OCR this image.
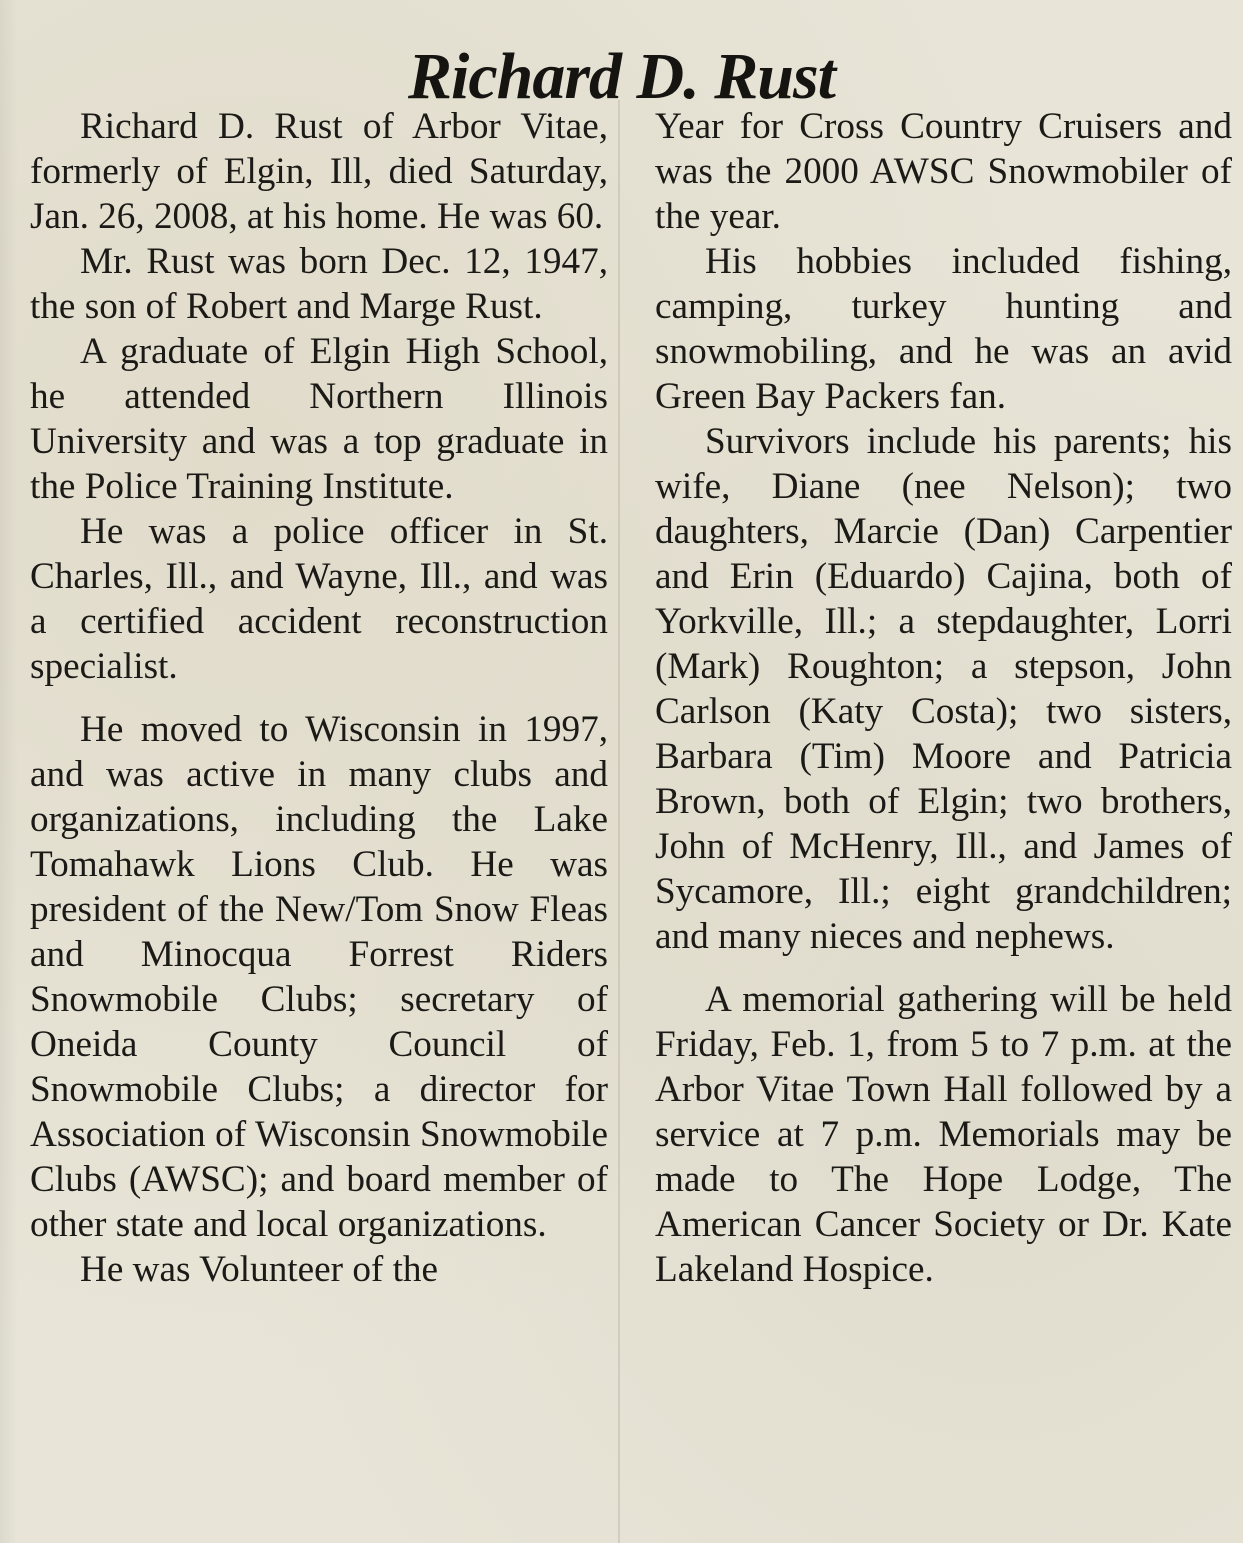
Richard D. Rust

Richard D. Rust of Arbor Vitae, formerly of Elgin, Ill, died Saturday, Jan. 26, 2008, at his home. He was 60.

Mr. Rust was born Dec. 12, 1947, the son of Robert and Marge Rust.

A graduate of Elgin High School, he attended Northern Illinois University and was a top graduate in the Police Training Institute.

He was a police officer in St. Charles, Ill., and Wayne, Ill., and was a certified accident reconstruction specialist.

He moved to Wisconsin in 1997, and was active in many clubs and organizations, including the Lake Tomahawk Lions Club. He was president of the New/Tom Snow Fleas and Minocqua Forrest Riders Snowmobile Clubs; secretary of Oneida County Council of Snowmobile Clubs; a director for Association of Wisconsin Snowmobile Clubs (AWSC); and board member of other state and local organizations.

He was Volunteer of the

Year for Cross Country Cruisers and was the 2000 AWSC Snowmobiler of the year.

His hobbies included fishing, camping, turkey hunting and snowmobiling, and he was an avid Green Bay Packers fan.

Survivors include his parents; his wife, Diane (nee Nelson); two daughters, Marcie (Dan) Carpentier and Erin (Eduardo) Cajina, both of Yorkville, Ill.; a stepdaughter, Lorri (Mark) Roughton; a stepson, John Carlson (Katy Costa); two sisters, Barbara (Tim) Moore and Patricia Brown, both of Elgin; two brothers, John of McHenry, Ill., and James of Sycamore, Ill.; eight grandchildren; and many nieces and nephews.

A memorial gathering will be held Friday, Feb. 1, from 5 to 7 p.m. at the Arbor Vitae Town Hall followed by a service at 7 p.m. Memorials may be made to The Hope Lodge, The American Cancer Society or Dr. Kate Lakeland Hospice.
